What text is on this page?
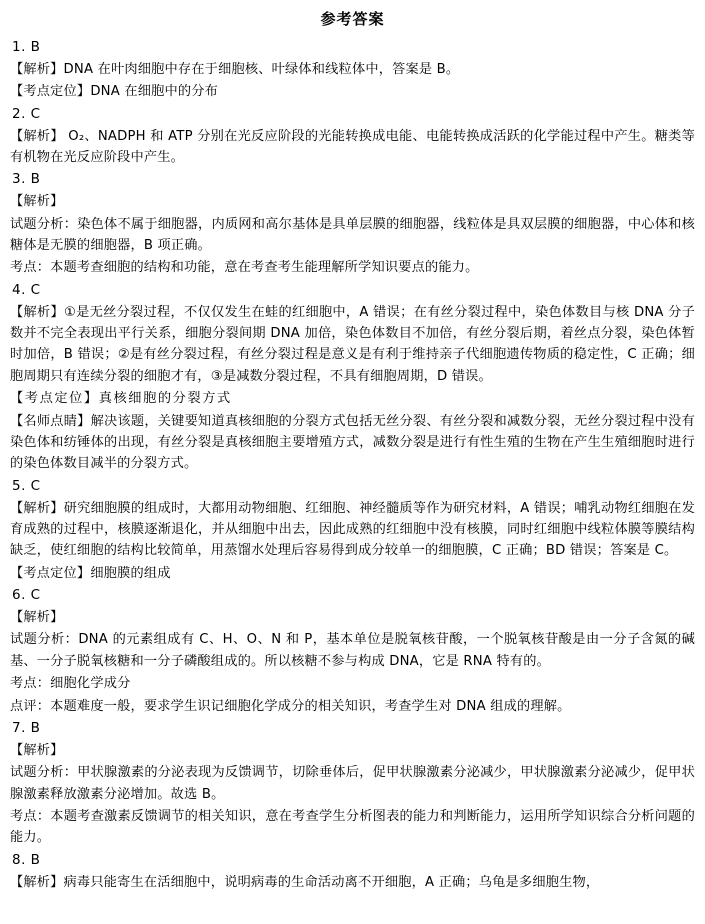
参考答案
1. B
【解析】DNA 在叶肉细胞中存在于细胞核、叶绿体和线粒体中，答案是 B。
【考点定位】DNA 在细胞中的分布
2. C
【解析】 O₂、NADPH 和 ATP 分别在光反应阶段的光能转换成电能、电能转换成活跃的化学能过程中产生。糖类等有机物在光反应阶段中产生。
3. B
【解析】
试题分析：染色体不属于细胞器，内质网和高尔基体是具单层膜的细胞器，线粒体是具双层膜的细胞器，中心体和核糖体是无膜的细胞器，B 项正确。
考点：本题考查细胞的结构和功能，意在考查考生能理解所学知识要点的能力。
4. C
【解析】①是无丝分裂过程，不仅仅发生在蛙的红细胞中，A 错误；在有丝分裂过程中，染色体数目与核 DNA 分子数并不完全表现出平行关系，细胞分裂间期 DNA 加倍，染色体数目不加倍，有丝分裂后期，着丝点分裂，染色体暂时加倍，B 错误；②是有丝分裂过程，有丝分裂过程是意义是有利于维持亲子代细胞遗传物质的稳定性，C 正确；细胞周期只有连续分裂的细胞才有，③是减数分裂过程，不具有细胞周期，D 错误。
【考点定位】真核细胞的分裂方式
【名师点睛】解决该题，关键要知道真核细胞的分裂方式包括无丝分裂、有丝分裂和减数分裂，无丝分裂过程中没有染色体和纺锤体的出现，有丝分裂是真核细胞主要增殖方式，减数分裂是进行有性生殖的生物在产生生殖细胞时进行的染色体数目减半的分裂方式。
5. C
【解析】研究细胞膜的组成时，大都用动物细胞、红细胞、神经髓质等作为研究材料，A 错误；哺乳动物红细胞在发育成熟的过程中，核膜逐渐退化，并从细胞中出去，因此成熟的红细胞中没有核膜，同时红细胞中线粒体膜等膜结构缺乏，使红细胞的结构比较简单，用蒸馏水处理后容易得到成分较单一的细胞膜，C 正确；BD 错误；答案是 C。
【考点定位】细胞膜的组成
6. C
【解析】
试题分析：DNA 的元素组成有 C、H、O、N 和 P，基本单位是脱氧核苷酸，一个脱氧核苷酸是由一分子含氮的碱基、一分子脱氧核糖和一分子磷酸组成的。所以核糖不参与构成 DNA，它是 RNA 特有的。
考点：细胞化学成分
点评：本题难度一般，要求学生识记细胞化学成分的相关知识，考查学生对 DNA 组成的理解。
7. B
【解析】
试题分析：甲状腺激素的分泌表现为反馈调节，切除垂体后，促甲状腺激素分泌减少，甲状腺激素分泌减少，促甲状腺激素释放激素分泌增加。故选 B。
考点：本题考查激素反馈调节的相关知识，意在考查学生分析图表的能力和判断能力，运用所学知识综合分析问题的能力。
8. B
【解析】病毒只能寄生在活细胞中，说明病毒的生命活动离不开细胞，A 正确；乌龟是多细胞生物，
